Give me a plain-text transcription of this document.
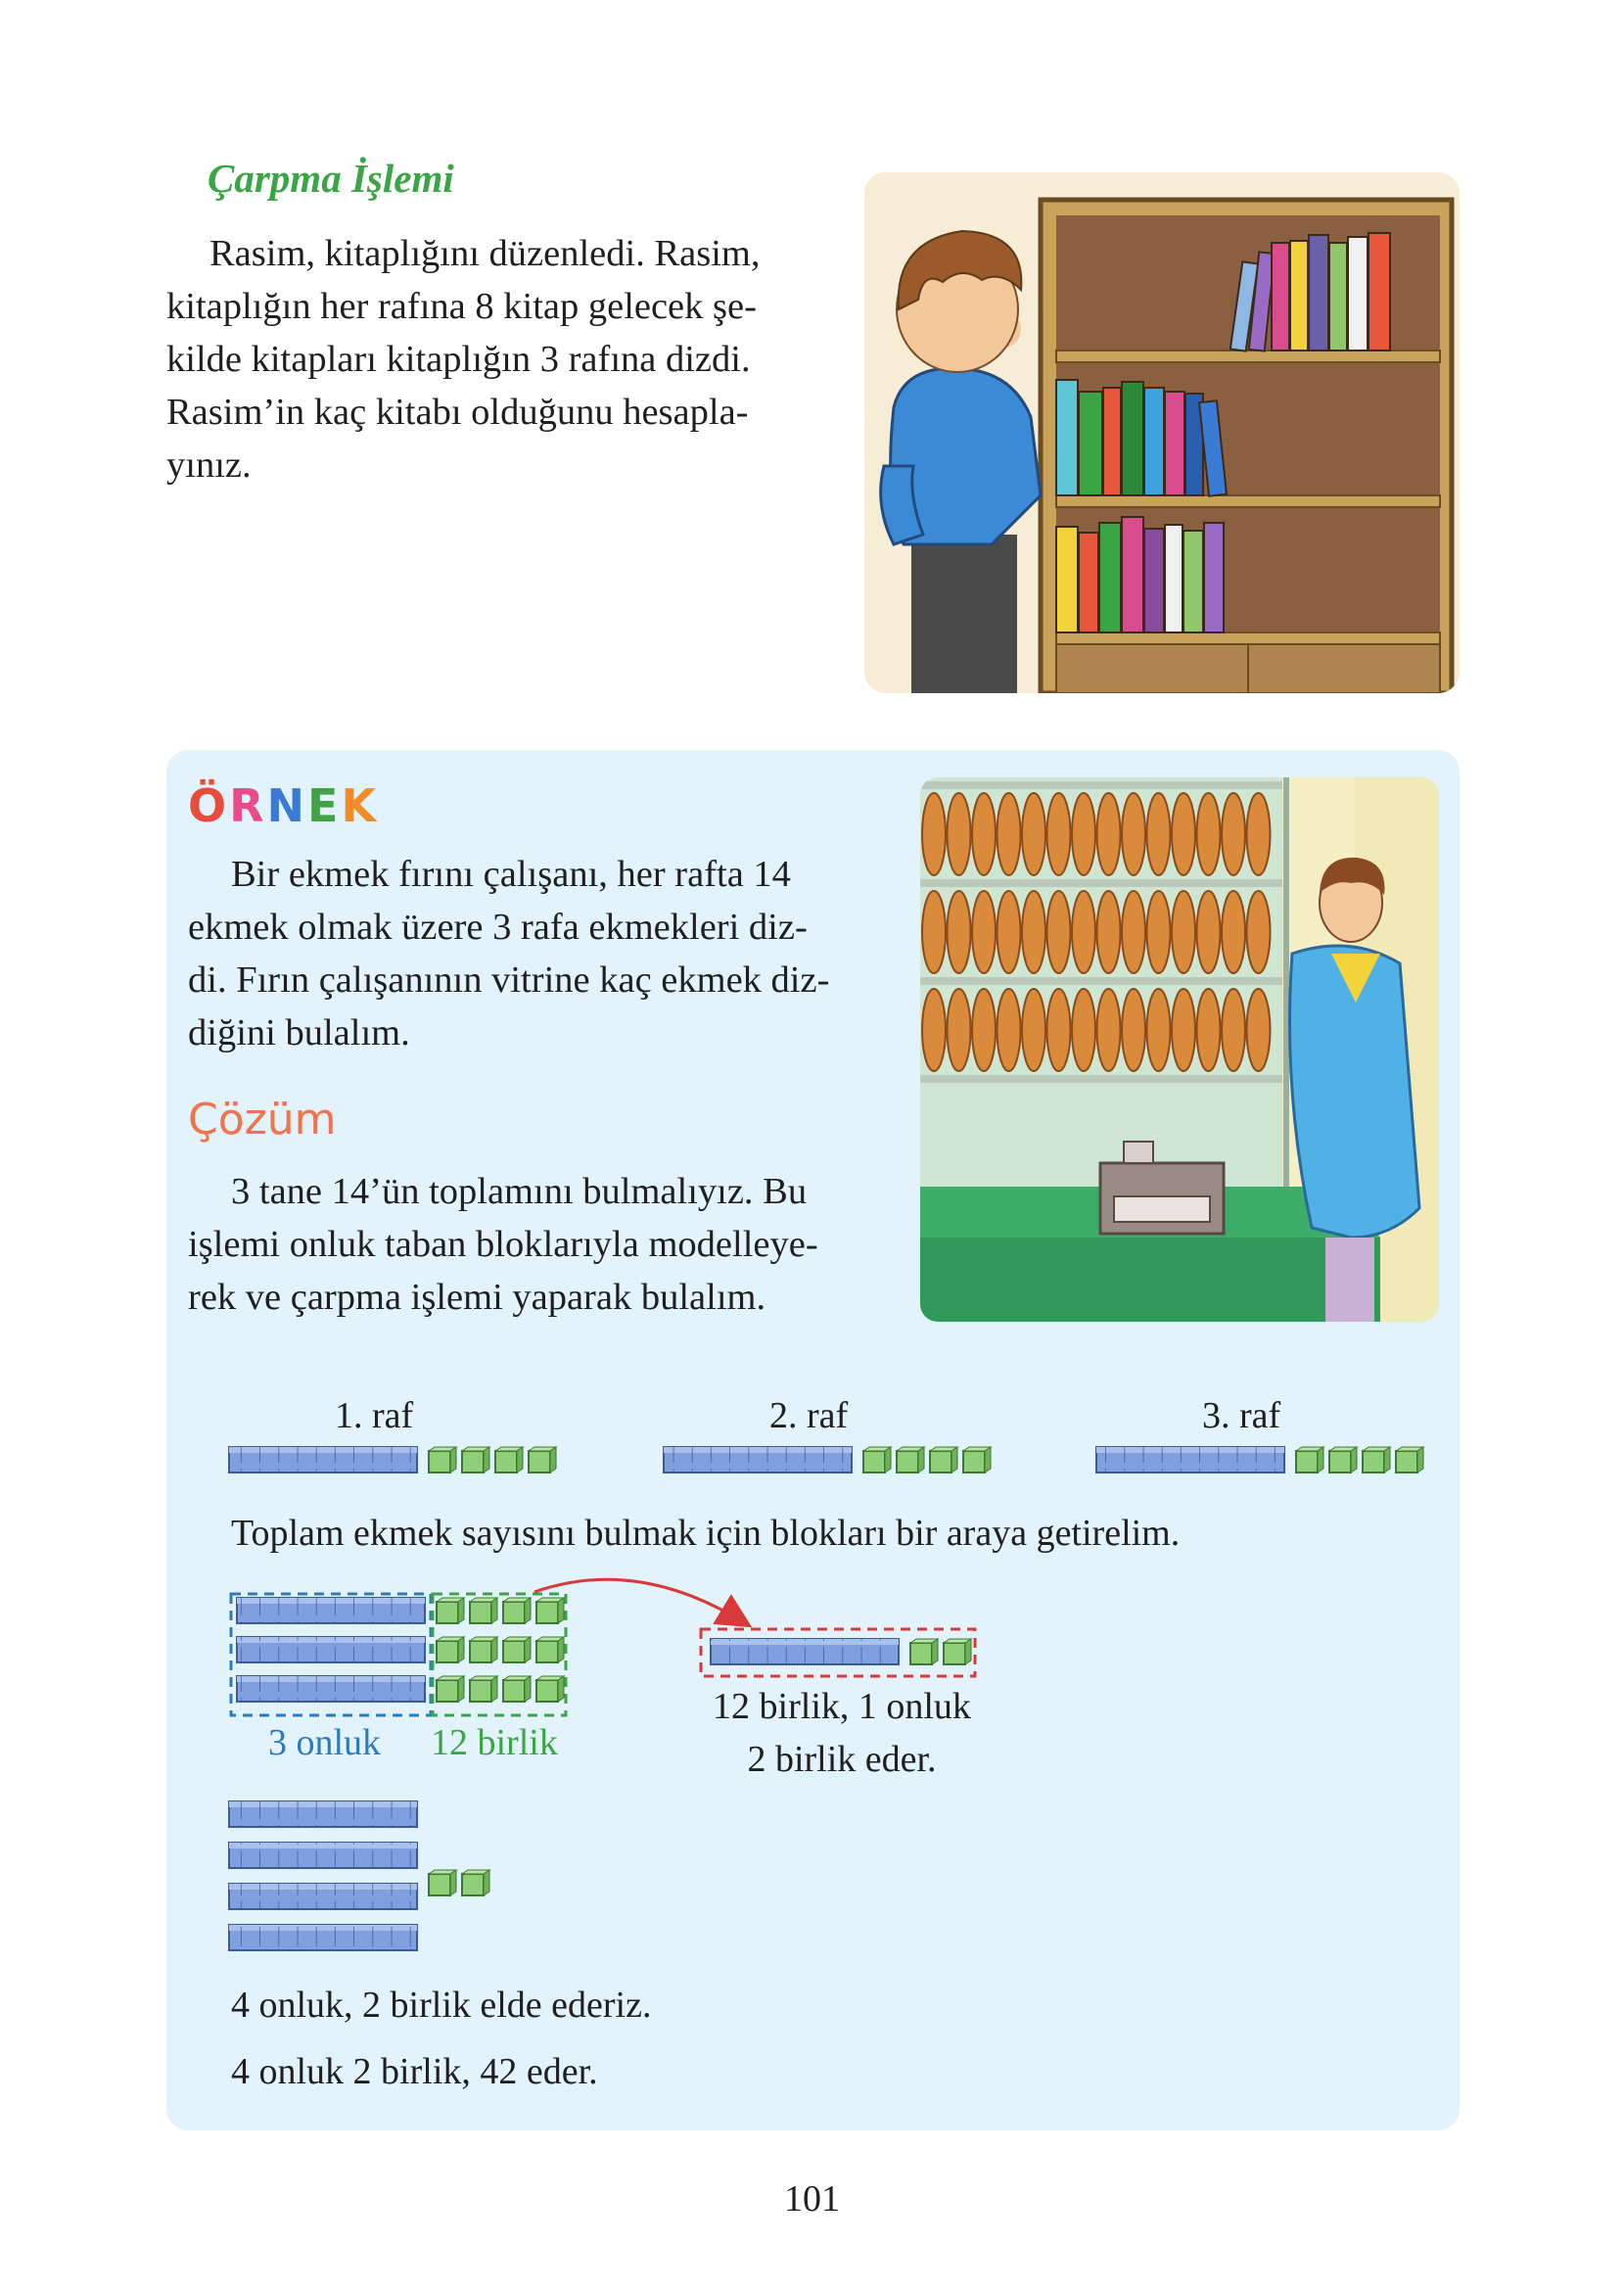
Çarpma İşlemi

Rasim, kitaplığını düzenledi. Rasim,

kitaplığın her rafına 8 kitap gelecek şe-

kilde kitapları kitaplığın 3 rafına dizdi.

Rasim’in kaç kitabı olduğunu hesapla-

yınız.

ÖRNEK

Bir ekmek fırını çalışanı, her rafta 14

ekmek olmak üzere 3 rafa ekmekleri diz-

di. Fırın çalışanının vitrine kaç ekmek diz-

diğini bulalım.

Çözüm

3 tane 14’ün toplamını bulmalıyız. Bu

işlemi onluk taban bloklarıyla modelleye-

rek ve çarpma işlemi yaparak bulalım.

1. raf	2. raf	3. raf
Toplam ekmek sayısını bulmak için blokları bir araya getirelim.
3 onluk 12 birlik
12 birlik, 1 onluk
2 birlik eder.
4 onluk, 2 birlik elde ederiz.
4 onluk 2 birlik, 42 eder.
101
